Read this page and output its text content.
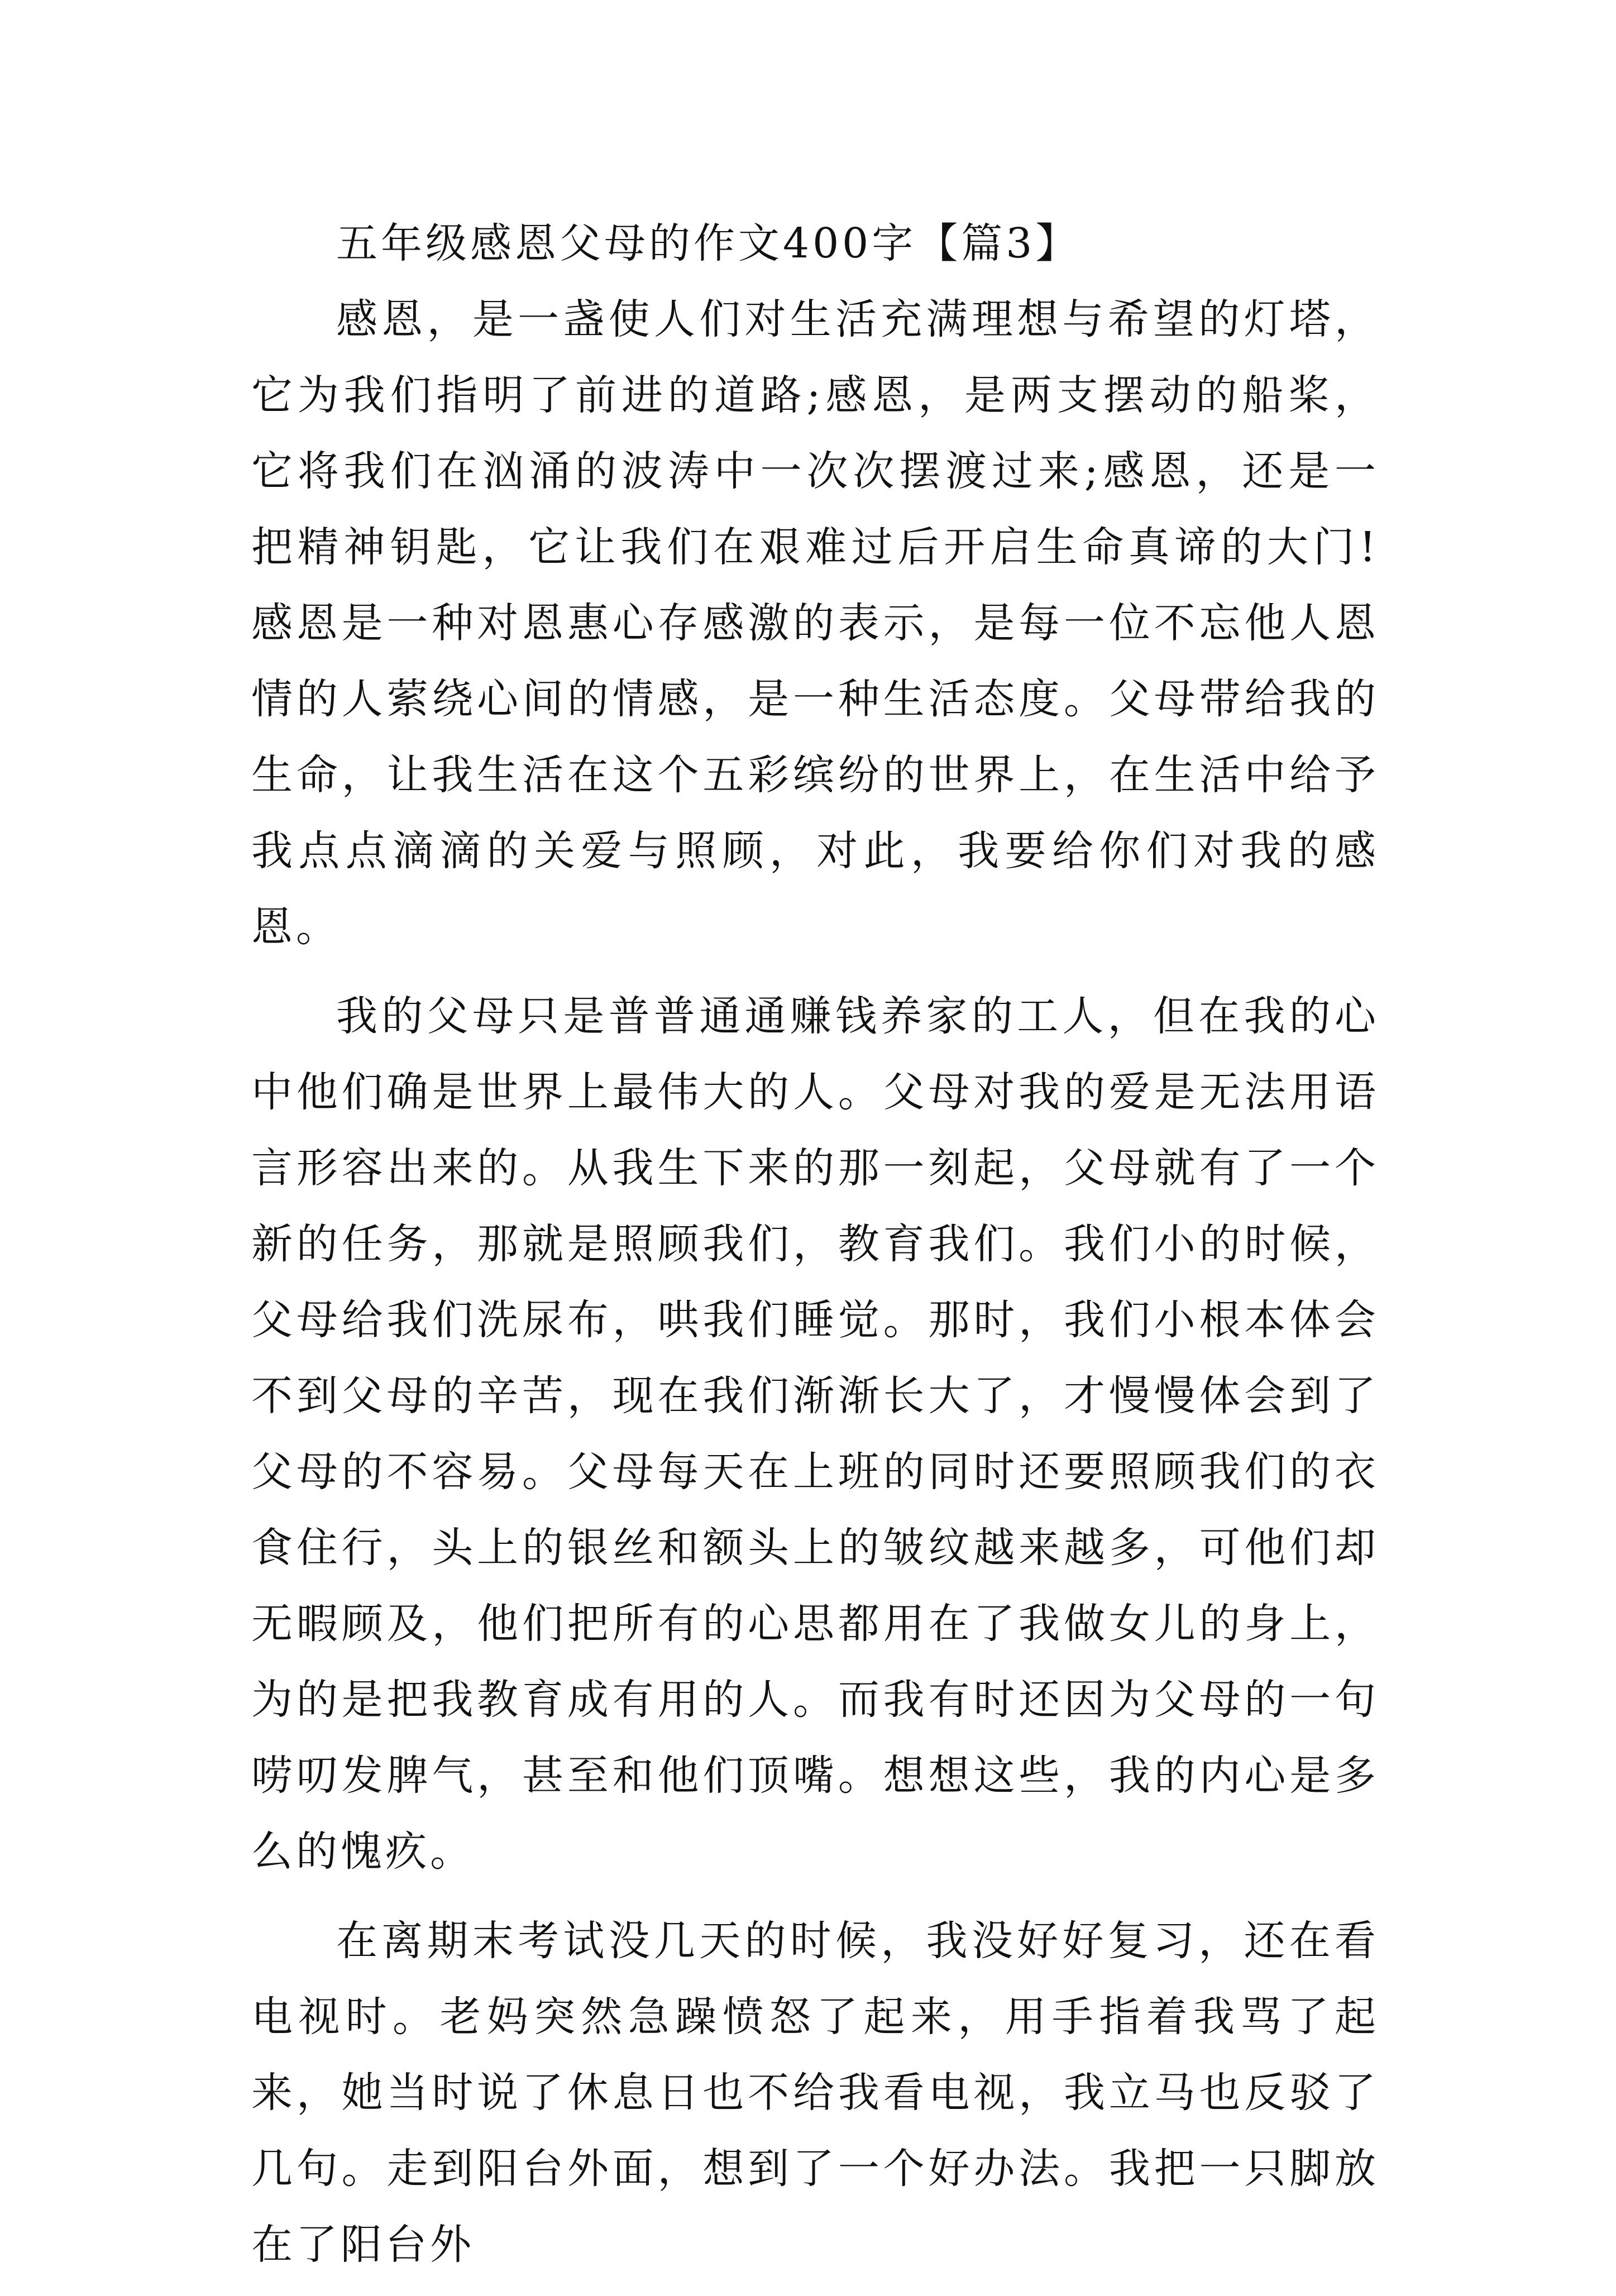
五年级感恩父母的作文400字【篇3】

感恩，是一盏使人们对生活充满理想与希望的灯塔，它为我们指明了前进的道路;感恩，是两支摆动的船桨，它将我们在汹涌的波涛中一次次摆渡过来;感恩，还是一把精神钥匙，它让我们在艰难过后开启生命真谛的大门!感恩是一种对恩惠心存感激的表示，是每一位不忘他人恩情的人萦绕心间的情感，是一种生活态度。父母带给我的生命，让我生活在这个五彩缤纷的世界上，在生活中给予我点点滴滴的关爱与照顾，对此，我要给你们对我的感恩。

我的父母只是普普通通赚钱养家的工人，但在我的心中他们确是世界上最伟大的人。父母对我的爱是无法用语言形容出来的。从我生下来的那一刻起，父母就有了一个新的任务，那就是照顾我们，教育我们。我们小的时候，父母给我们洗尿布，哄我们睡觉。那时，我们小根本体会不到父母的辛苦，现在我们渐渐长大了，才慢慢体会到了父母的不容易。父母每天在上班的同时还要照顾我们的衣食住行，头上的银丝和额头上的皱纹越来越多，可他们却无暇顾及，他们把所有的心思都用在了我做女儿的身上，为的是把我教育成有用的人。而我有时还因为父母的一句唠叨发脾气，甚至和他们顶嘴。想想这些，我的内心是多么的愧疚。

在离期末考试没几天的时候，我没好好复习，还在看电视时。老妈突然急躁愤怒了起来，用手指着我骂了起来，她当时说了休息日也不给我看电视，我立马也反驳了几句。走到阳台外面，想到了一个好办法。我把一只脚放在了阳台外
